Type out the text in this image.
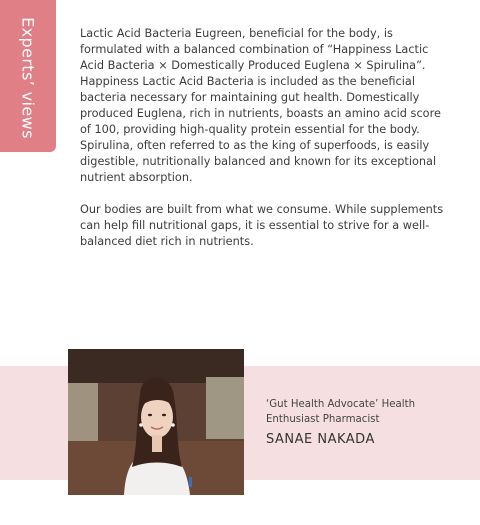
Experts’ views	Lactic Acid Bacteria Eugreen, beneficial for the body, is formulated with a balanced combination of “Happiness Lactic Acid Bacteria × Domestically Produced Euglena × Spirulina”. Happiness Lactic Acid Bacteria is included as the beneficial bacteria necessary for maintaining gut health. Domestically produced Euglena, rich in nutrients, boasts an amino acid score of 100, providing high-quality protein essential for the body. Spirulina, often referred to as the king of superfoods, is easily digestible, nutritionally balanced and known for its exceptional nutrient absorption.

Our bodies are built from what we consume. While supplements can help fill nutritional gaps, it is essential to strive for a well-balanced diet rich in nutrients.

‘Gut Health Advocate’ Health Enthusiast Pharmacist
SANAE NAKADA
